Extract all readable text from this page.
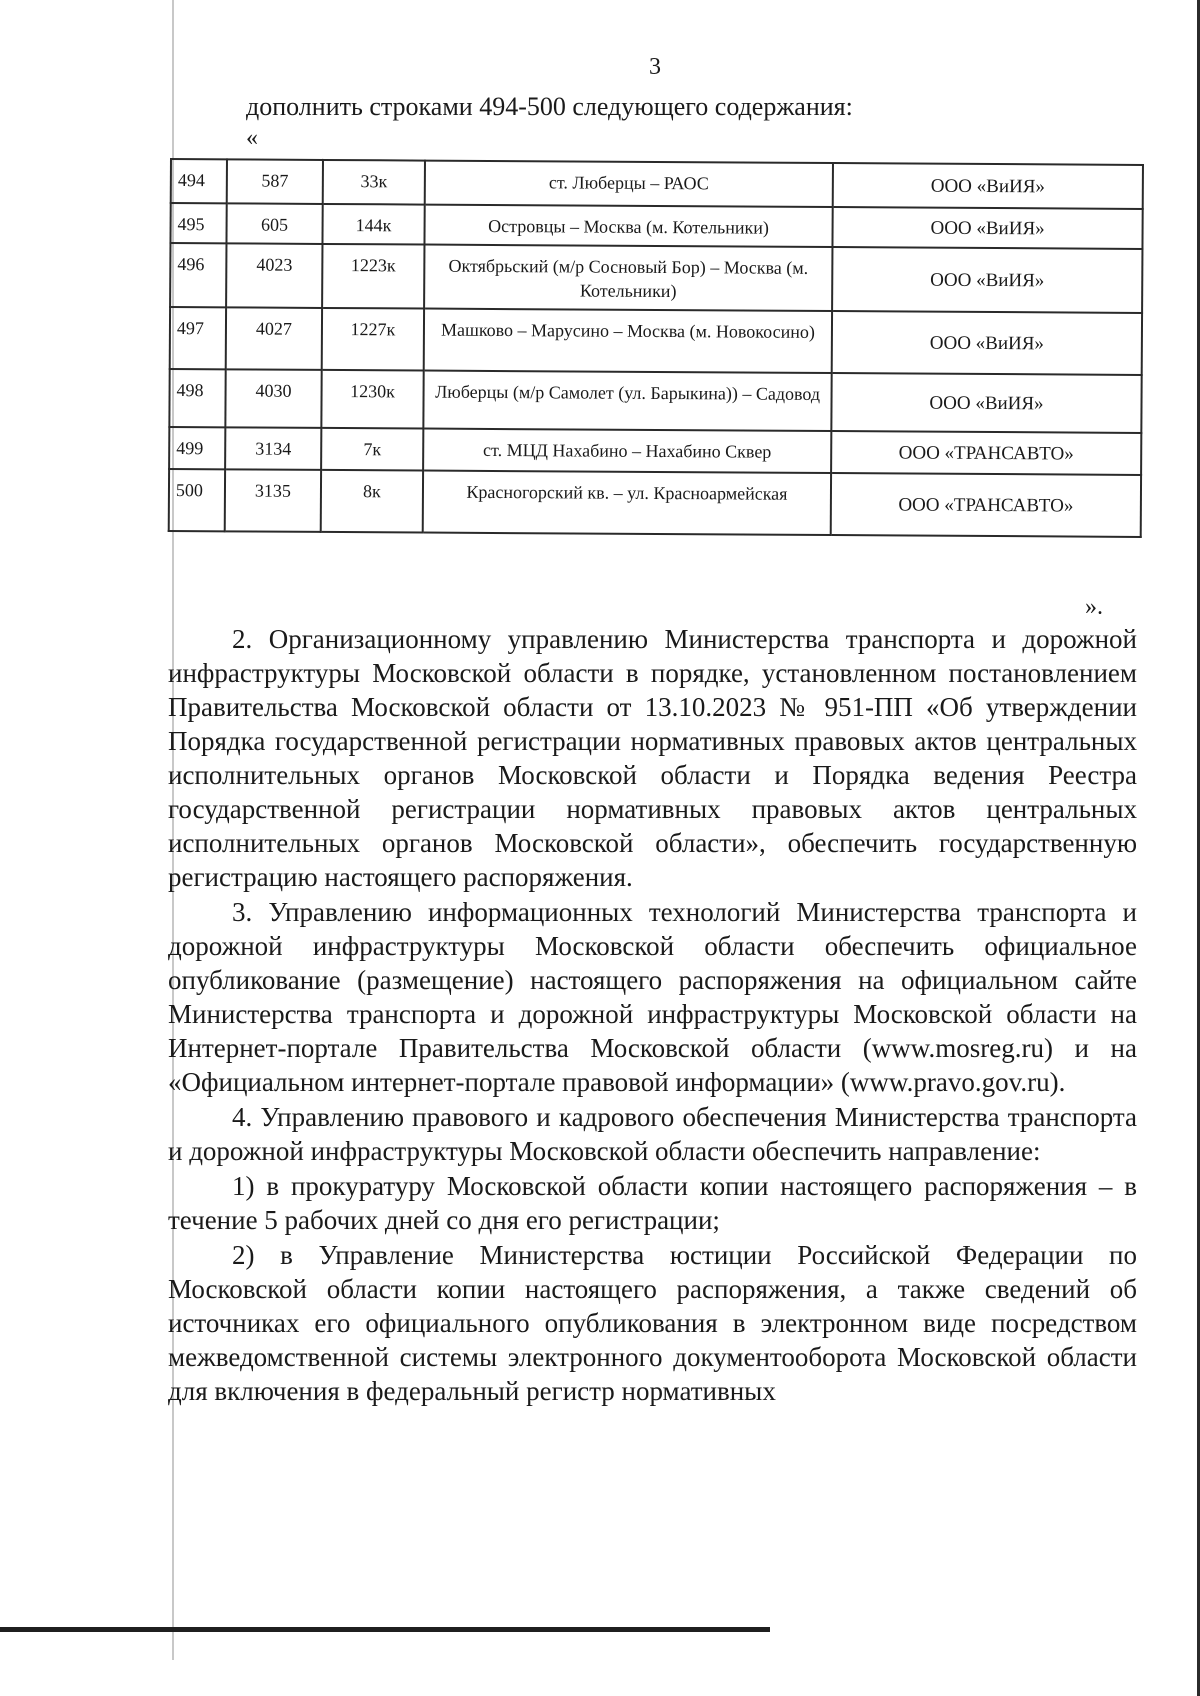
3
дополнить строками 494-500 следующего содержания:
«
494	587	33к	ст. Люберцы – РАОС	ООО «ВиИЯ»
495	605	144к	Островцы – Москва (м. Котельники)	ООО «ВиИЯ»
496	4023	1223к	Октябрьский (м/р Сосновый Бор) – Москва (м. Котельники)	ООО «ВиИЯ»
497	4027	1227к	Машково – Марусино – Москва (м. Новокосино)	ООО «ВиИЯ»
498	4030	1230к	Люберцы (м/р Самолет (ул. Барыкина)) – Садовод	ООО «ВиИЯ»
499	3134	7к	ст. МЦД Нахабино – Нахабино Сквер	ООО «ТРАНСАВТО»
500	3135	8к	Красногорский кв. – ул. Красноармейская	ООО «ТРАНСАВТО»
».

2. Организационному управлению Министерства транспорта и дорожной инфраструктуры Московской области в порядке, установленном постановлением Правительства Московской области от 13.10.2023 № 951-ПП «Об утверждении Порядка государственной регистрации нормативных правовых актов центральных исполнительных органов Московской области и Порядка ведения Реестра государственной регистрации нормативных правовых актов центральных исполнительных органов Московской области», обеспечить государственную регистрацию настоящего распоряжения.

3. Управлению информационных технологий Министерства транспорта и дорожной инфраструктуры Московской области обеспечить официальное опубликование (размещение) настоящего распоряжения на официальном сайте Министерства транспорта и дорожной инфраструктуры Московской области на Интернет-портале Правительства Московской области (www.mosreg.ru) и на «Официальном интернет-портале правовой информации» (www.pravo.gov.ru).

4. Управлению правового и кадрового обеспечения Министерства транспорта и дорожной инфраструктуры Московской области обеспечить направление:

1) в прокуратуру Московской области копии настоящего распоряжения – в течение 5 рабочих дней со дня его регистрации;

2) в Управление Министерства юстиции Российской Федерации по Московской области копии настоящего распоряжения, а также сведений об источниках его официального опубликования в электронном виде посредством межведомственной системы электронного документооборота Московской области для включения в федеральный регистр нормативных
